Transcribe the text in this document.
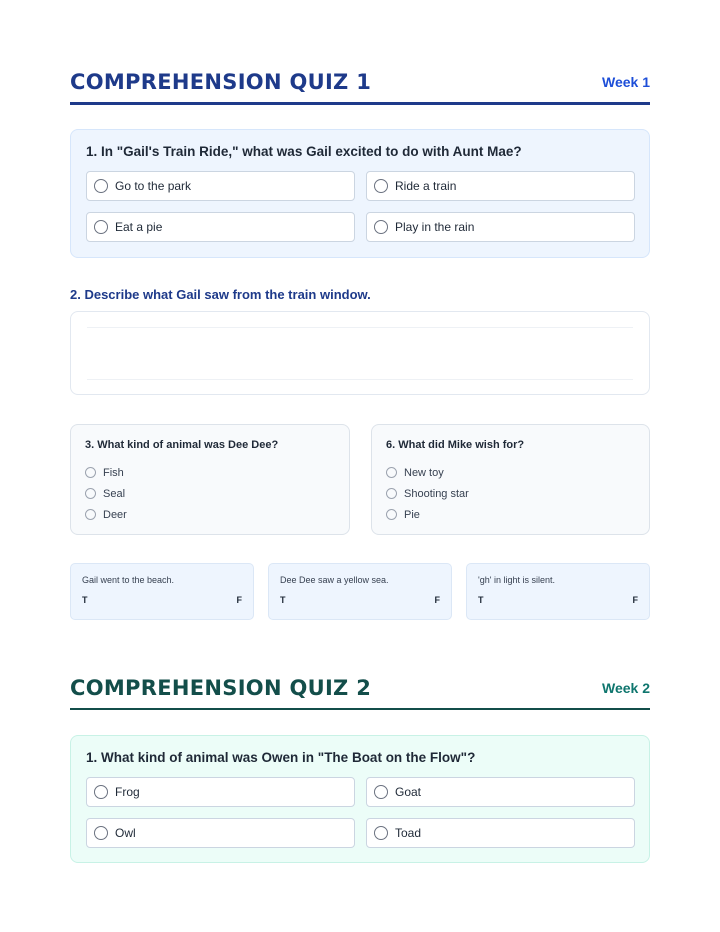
COMPREHENSION QUIZ 1	Week 1
1. In "Gail's Train Ride," what was Gail excited to do with Aunt Mae?
Go to the park	Ride a train
Eat a pie	Play in the rain
2. Describe what Gail saw from the train window.
3. What kind of animal was Dee Dee?
Fish
Seal
Deer
6. What did Mike wish for?
New toy
Shooting star
Pie
Gail went to the beach.
T	F
Dee Dee saw a yellow sea.
T	F
'gh' in light is silent.
T	F
COMPREHENSION QUIZ 2	Week 2
1. What kind of animal was Owen in "The Boat on the Flow"?
Frog	Goat
Owl	Toad
